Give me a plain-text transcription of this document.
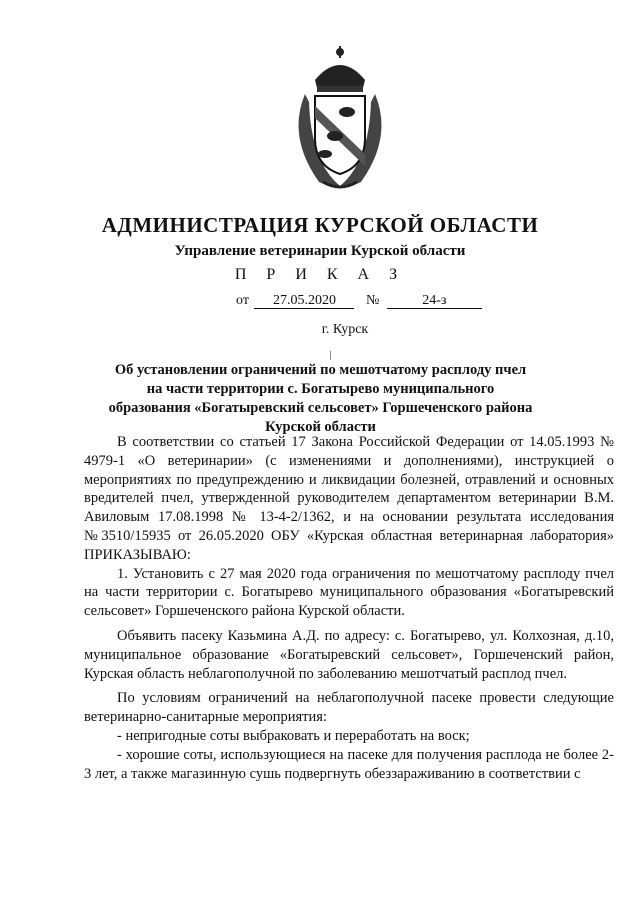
АДМИНИСТРАЦИЯ КУРСКОЙ ОБЛАСТИ
Управление ветеринарии Курской области
П Р И К А З
от 27.05.2020 №	24-з
г. Курск
Об установлении ограничений по мешотчатому расплоду пчел на части территории с. Богатырево муниципального образования «Богатыревский сельсовет» Горшеченского района Курской области

В соответствии со статьей 17 Закона Российской Федерации от 14.05.1993 № 4979-1 «О ветеринарии» (с изменениями и дополнениями), инструкцией о мероприятиях по предупреждению и ликвидации болезней, отравлений и основных вредителей пчел, утвержденной руководителем департаментом ветеринарии В.М. Авиловым 17.08.1998 № 13-4-2/1362, и на основании результата исследования №3510/15935 от 26.05.2020 ОБУ «Курская областная ветеринарная лаборатория» ПРИКАЗЫВАЮ:

1. Установить с 27 мая 2020 года ограничения по мешотчатому расплоду пчел на части территории с. Богатырево муниципального образования «Богатыревский сельсовет» Горшеченского района Курской области.

Объявить пасеку Казьмина А.Д. по адресу: с. Богатырево, ул. Колхозная, д.10, муниципальное образование «Богатыревский сельсовет», Горшеченский район, Курская область неблагополучной по заболеванию мешотчатый расплод пчел.

По условиям ограничений на неблагополучной пасеке провести следующие ветеринарно-санитарные мероприятия:

- непригодные соты выбраковать и переработать на воск;

- хорошие соты, использующиеся на пасеке для получения расплода не более 2-3 лет, а также магазинную сушь подвергнуть обеззараживанию в соответствии с
